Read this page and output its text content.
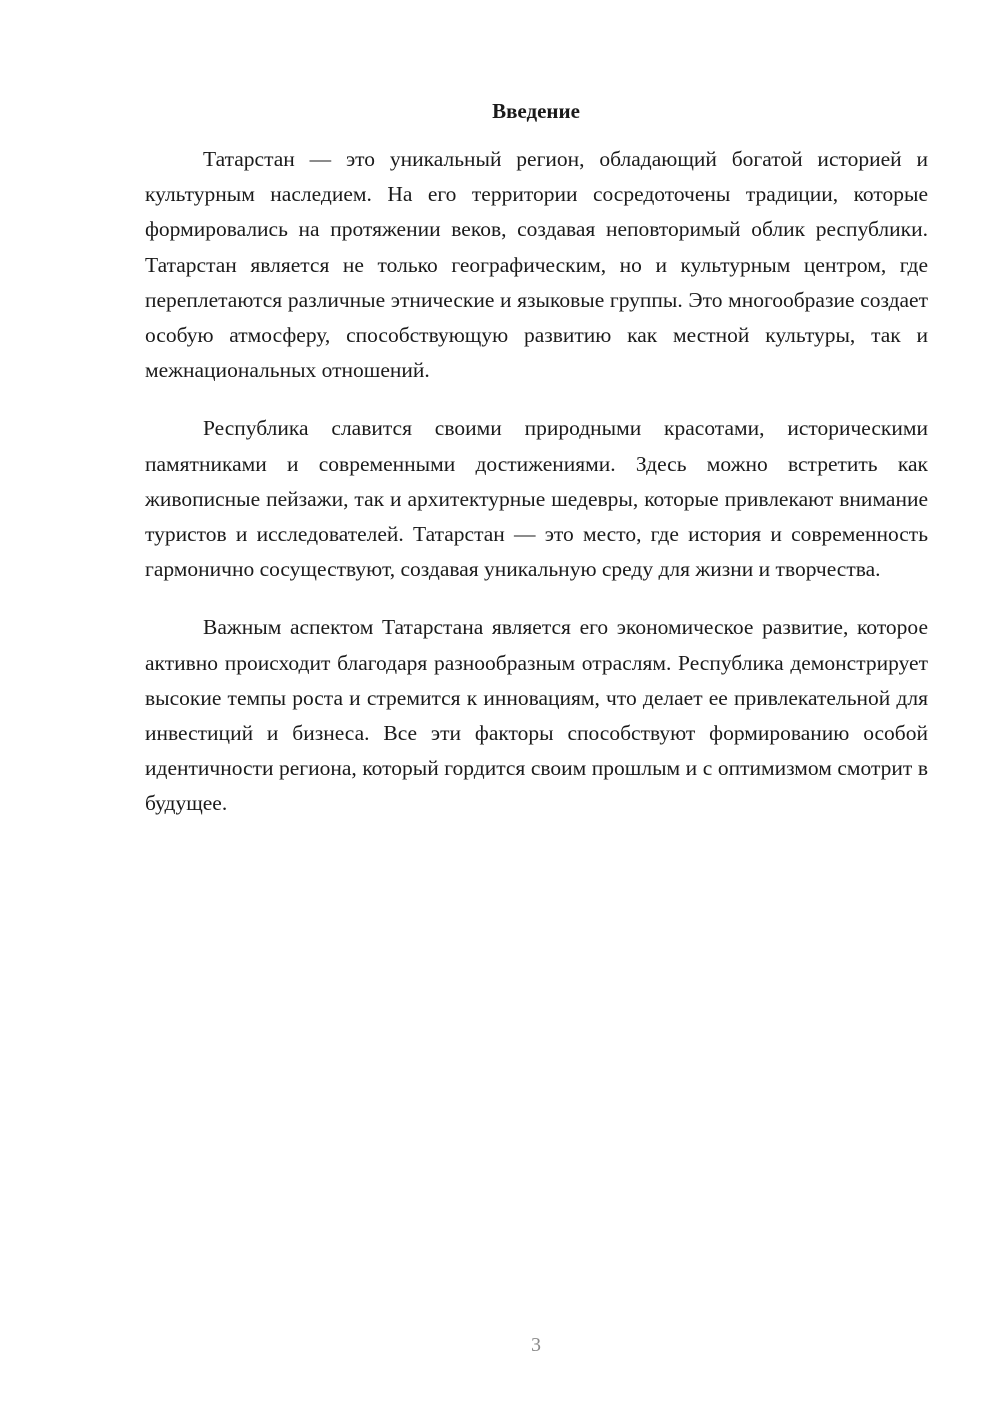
Введение

Татарстан — это уникальный регион, обладающий богатой историей и культурным наследием. На его территории сосредоточены традиции, которые формировались на протяжении веков, создавая неповторимый облик республики. Татарстан является не только географическим, но и культурным центром, где переплетаются различные этнические и языковые группы. Это многообразие создает особую атмосферу, способствующую развитию как местной культуры, так и межнациональных отношений.

Республика славится своими природными красотами, историческими памятниками и современными достижениями. Здесь можно встретить как живописные пейзажи, так и архитектурные шедевры, которые привлекают внимание туристов и исследователей. Татарстан — это место, где история и современность гармонично сосуществуют, создавая уникальную среду для жизни и творчества.

Важным аспектом Татарстана является его экономическое развитие, которое активно происходит благодаря разнообразным отраслям. Республика демонстрирует высокие темпы роста и стремится к инновациям, что делает ее привлекательной для инвестиций и бизнеса. Все эти факторы способствуют формированию особой идентичности региона, который гордится своим прошлым и с оптимизмом смотрит в будущее.

3
